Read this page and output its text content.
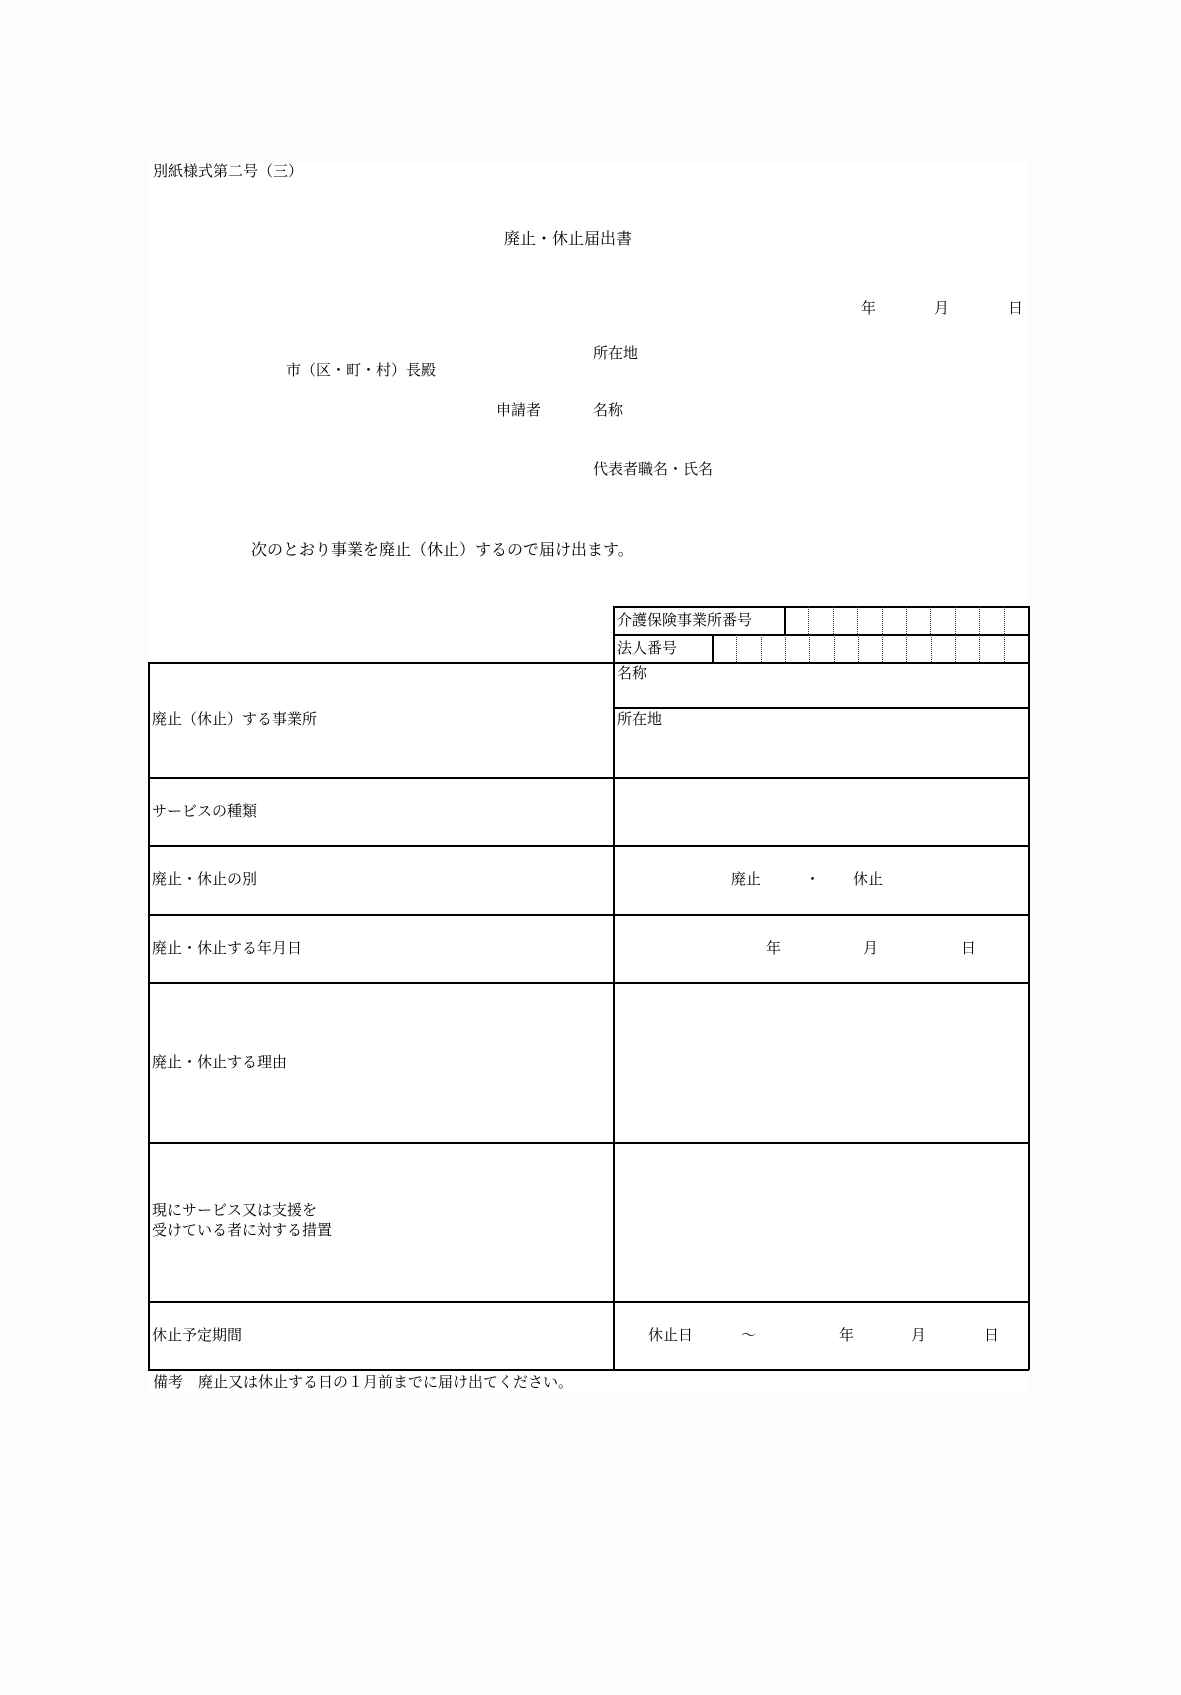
別紙様式第二号（三）
廃止・休止届出書
年	月	日
所在地
市（区・町・村）長殿
申請者	名称
代表者職名・氏名
次のとおり事業を廃止（休止）するので届け出ます。
介護保険事業所番号
法人番号
廃止（休止）する事業所
名称
所在地
サービスの種類
廃止・休止の別	廃止	・ 休止
廃止・休止する年月日	年	月	日
廃止・休止する理由
現にサービス又は支援を
受けている者に対する措置
休止予定期間	休止日	～	年	月	日
備考　廃止又は休止する日の１月前までに届け出てください。
